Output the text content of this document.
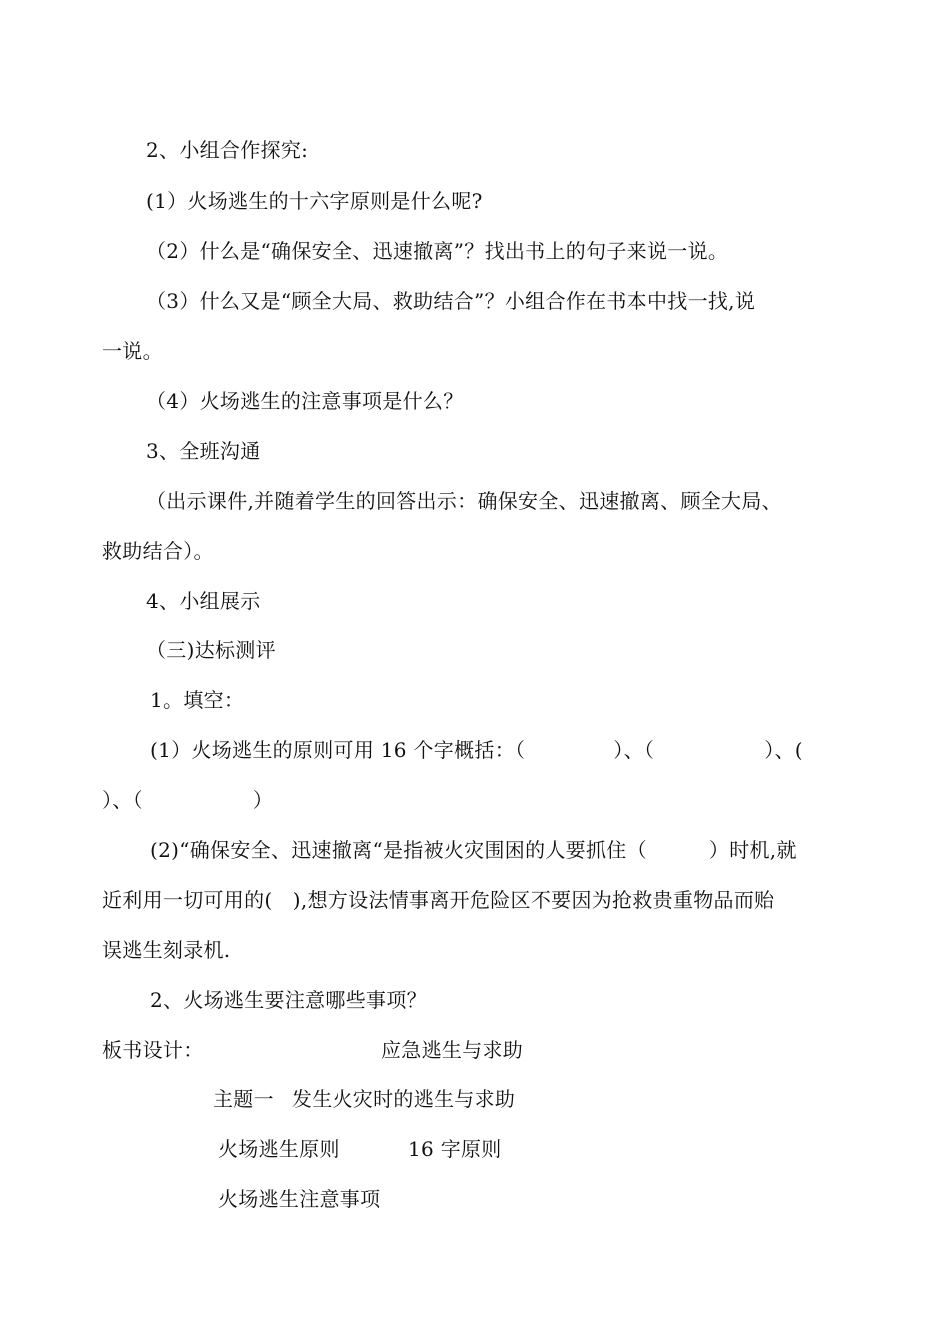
2、小组合作探究:
(1）火场逃生的十六字原则是什么呢?
（2）什么是“确保安全、迅速撤离”？找出书上的句子来说一说。
（3）什么又是“顾全大局、救助结合”？小组合作在书本中找一找,说
一说。
（4）火场逃生的注意事项是什么？
3、全班沟通
（出示课件,并随着学生的回答出示：确保安全、迅速撤离、顾全大局、
救助结合）。
4、小组展示
（三)达标测评
1。填空：
(1）火场逃生的原则可用 16 个字概括：（	）、（	）、(
）、（	）
(2)“确保安全、迅速撤离“是指被火灾围困的人要抓住（	）时机,就
近利用一切可用的(　),想方设法情事离开危险区不要因为抢救贵重物品而贻
误逃生刻录机.
2、火场逃生要注意哪些事项？
板书设计：	应急逃生与求助
主题一 发生火灾时的逃生与求助
火场逃生原则	16 字原则
火场逃生注意事项
